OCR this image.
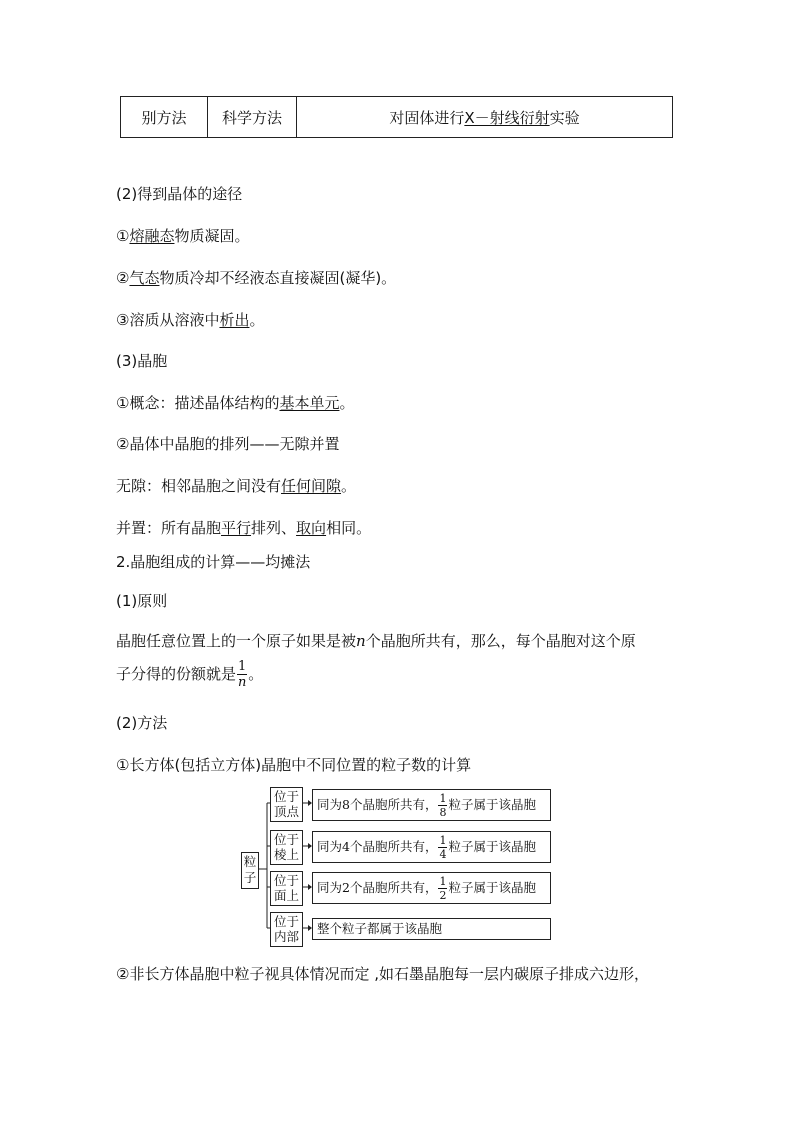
别方法	科学方法	对固体进行X－射线衍射实验
(2)得到晶体的途径
①熔融态物质凝固。
②气态物质冷却不经液态直接凝固(凝华)。
③溶质从溶液中析出。
(3)晶胞
①概念：描述晶体结构的基本单元。
②晶体中晶胞的排列——无隙并置
无隙：相邻晶胞之间没有任何间隙。
并置：所有晶胞平行排列、取向相同。
2.晶胞组成的计算——均摊法
(1)原则
晶胞任意位置上的一个原子如果是被n个晶胞所共有，那么，每个晶胞对这个原
子分得的份额就是 $\frac{1}{n}$ 。
(2)方法
①长方体(包括立方体)晶胞中不同位置的粒子数的计算
粒子
位于顶点
位于棱上
位于面上
位于内部
同为8个晶胞所共有， $\frac{1}{8}$ 粒子属于该晶胞
同为4个晶胞所共有， $\frac{1}{4}$ 粒子属于该晶胞
同为2个晶胞所共有， $\frac{1}{2}$ 粒子属于该晶胞
整个粒子都属于该晶胞
②非长方体晶胞中粒子视具体情况而定 ,如石墨晶胞每一层内碳原子排成六边形，
